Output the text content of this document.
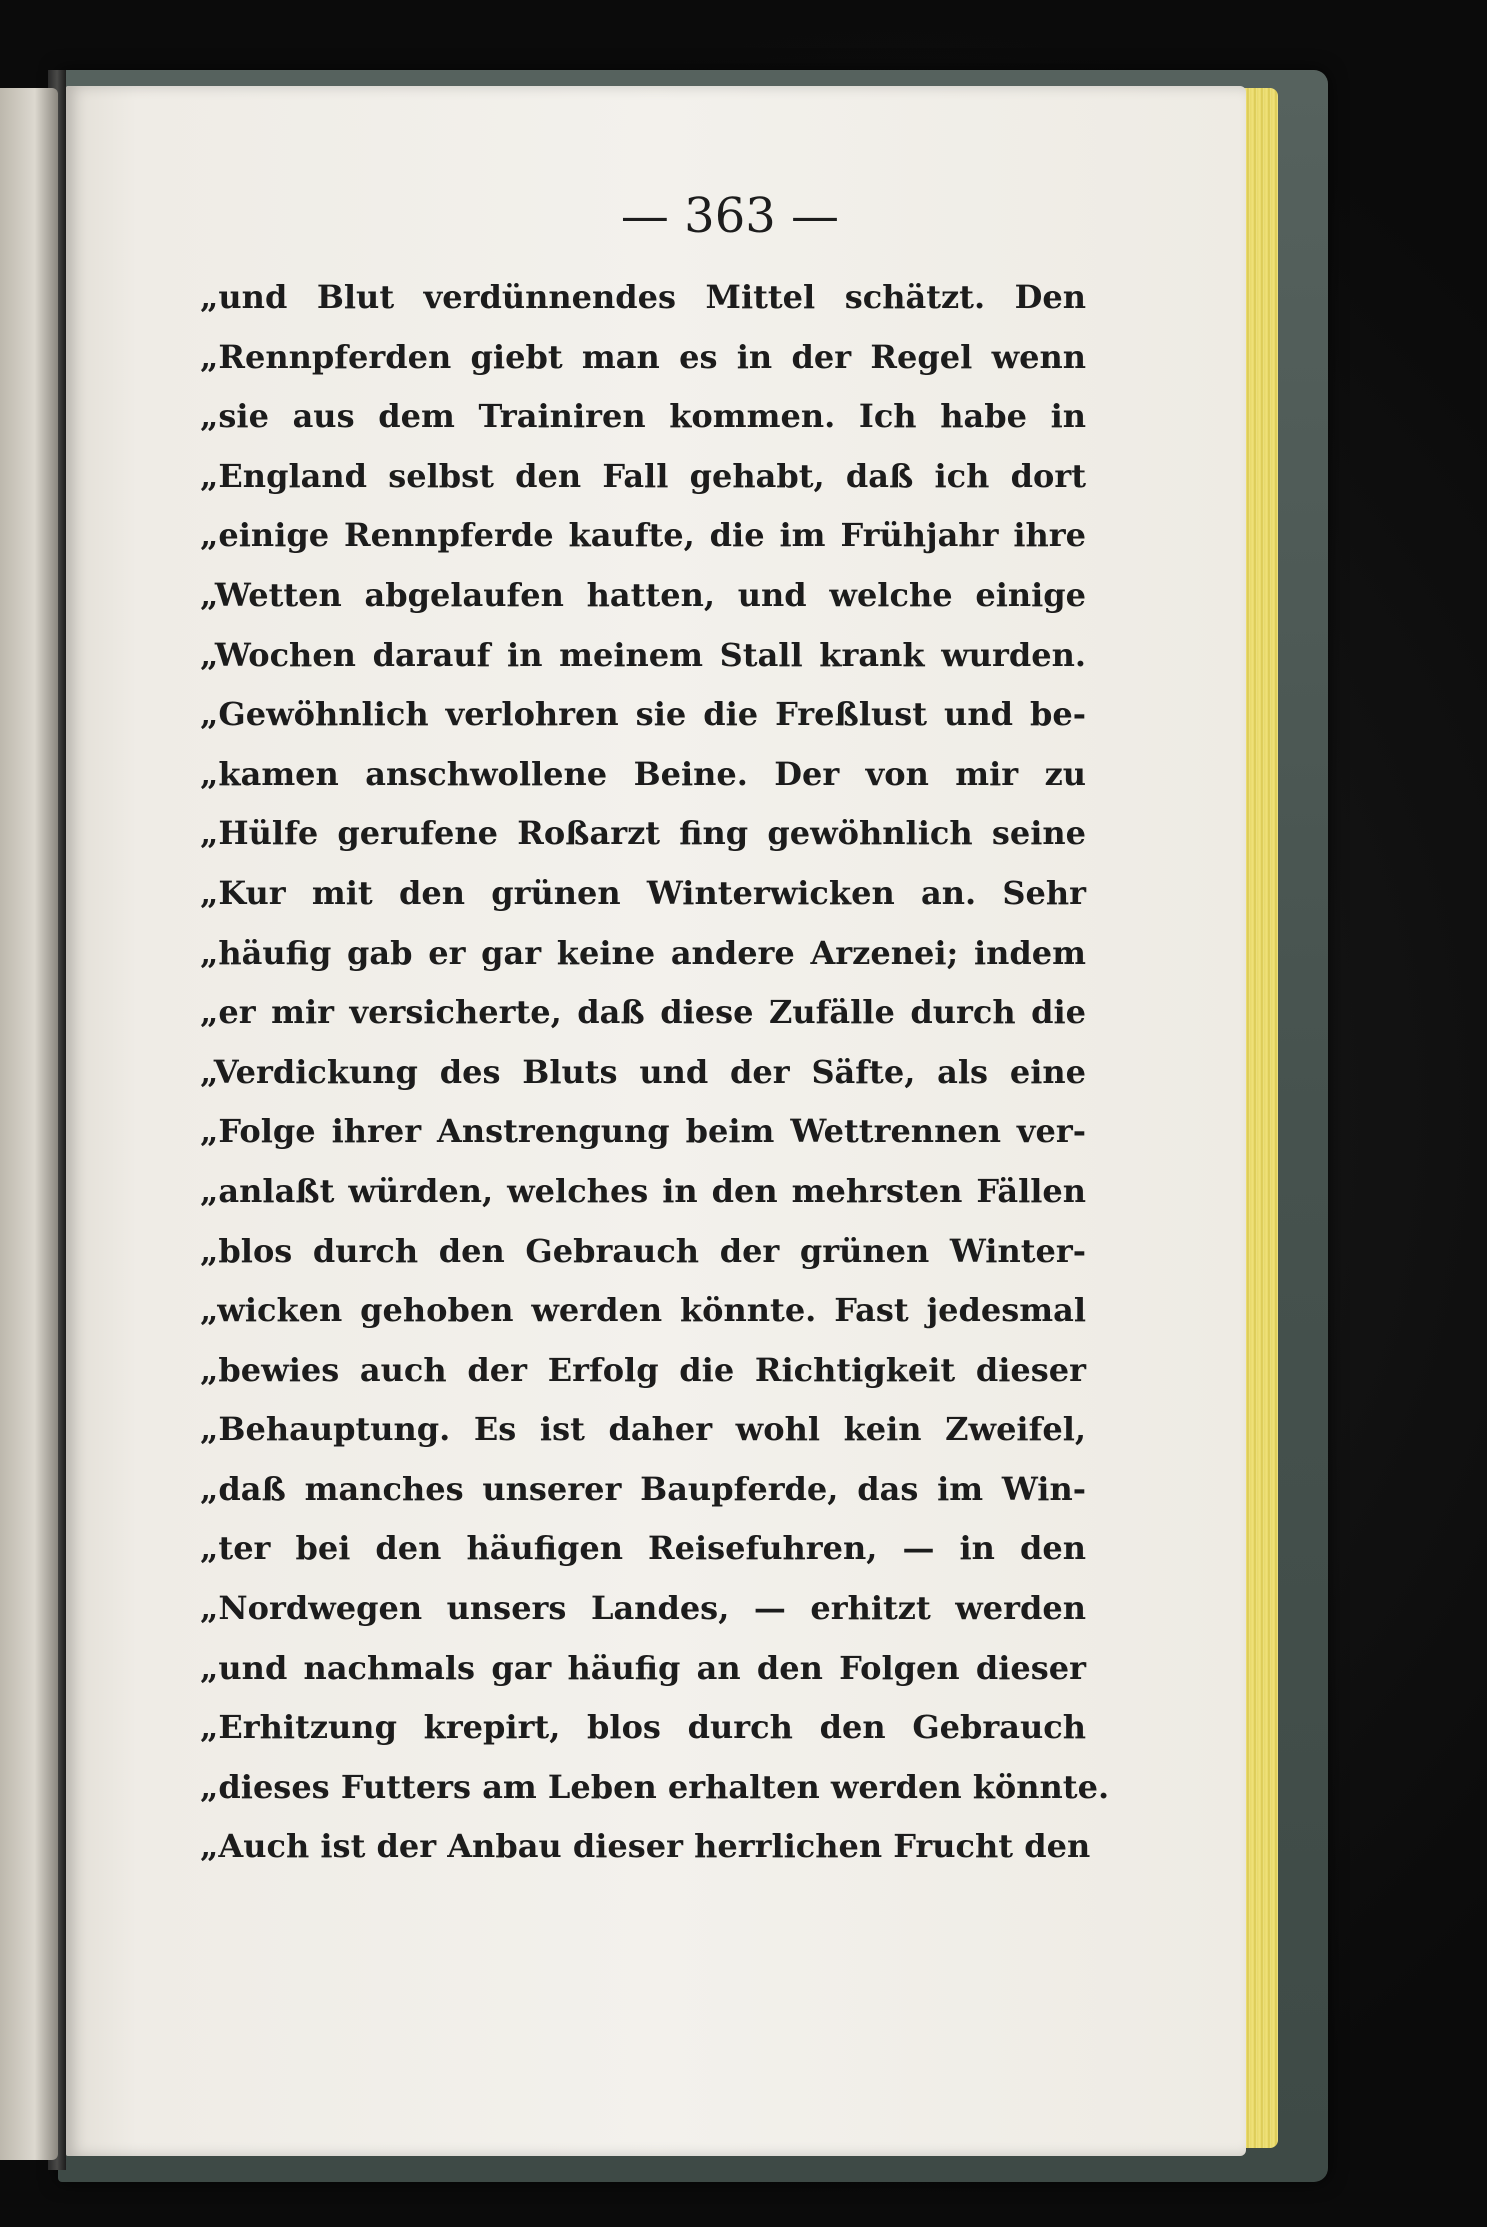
— 363 —
„und Blut verdünnendes Mittel schätzt. Den
„Rennpferden giebt man es in der Regel wenn
„sie aus dem Trainiren kommen. Ich habe in
„England selbst den Fall gehabt, daß ich dort
„einige Rennpferde kaufte, die im Frühjahr ihre
„Wetten abgelaufen hatten, und welche einige
„Wochen darauf in meinem Stall krank wurden.
„Gewöhnlich verlohren sie die Freßlust und be-
„kamen anschwollene Beine. Der von mir zu
„Hülfe gerufene Roßarzt fing gewöhnlich seine
„Kur mit den grünen Winterwicken an. Sehr
„häufig gab er gar keine andere Arzenei; indem
„er mir versicherte, daß diese Zufälle durch die
„Verdickung des Bluts und der Säfte, als eine
„Folge ihrer Anstrengung beim Wettrennen ver-
„anlaßt würden, welches in den mehrsten Fällen
„blos durch den Gebrauch der grünen Winter-
„wicken gehoben werden könnte. Fast jedesmal
„bewies auch der Erfolg die Richtigkeit dieser
„Behauptung. Es ist daher wohl kein Zweifel,
„daß manches unserer Baupferde, das im Win-
„ter bei den häufigen Reisefuhren, — in den
„Nordwegen unsers Landes, — erhitzt werden
„und nachmals gar häufig an den Folgen dieser
„Erhitzung krepirt, blos durch den Gebrauch
„dieses Futters am Leben erhalten werden könnte.
„Auch ist der Anbau dieser herrlichen Frucht den
